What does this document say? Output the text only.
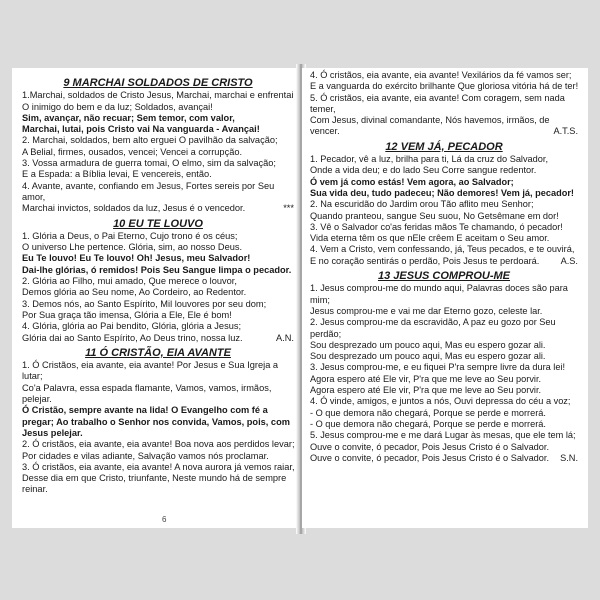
9 MARCHAI SOLDADOS DE CRISTO
1.Marchai, soldados de Cristo Jesus, Marchai, marchai e enfrentai
O inimigo do bem e da luz; Soldados, avançai!
Sim, avançar, não recuar; Sem temor, com valor,
Marchai, lutai, pois Cristo vai Na vanguarda - Avançai!
2. Marchai, soldados, bem alto erguei O pavilhão da salvação;
A Belial, firmes, ousados, vencei; Vencei a corrupção.
3. Vossa armadura de guerra tomai, O elmo, sim da salvação;
E a Espada: a Bíblia levai, E vencereis, então.
4. Avante, avante, confiando em Jesus, Fortes sereis por Seu
amor,
Marchai invictos, soldados da luz, Jesus é o vencedor.	***
10 EU TE LOUVO
1. Glória a Deus, o Pai Eterno, Cujo trono é os céus;
O universo Lhe pertence. Glória, sim, ao nosso Deus.
Eu Te louvo! Eu Te louvo! Oh! Jesus, meu Salvador!
Dai-lhe glórias, ó remidos! Pois Seu Sangue limpa o pecador.
2. Glória ao Filho, mui amado, Que merece o louvor,
Demos glória ao Seu nome, Ao Cordeiro, ao Redentor.
3. Demos nós, ao Santo Espírito, Mil louvores por seu dom;
Por Sua graça tão imensa, Glória a Ele, Ele é bom!
4. Glória, glória ao Pai bendito, Glória, glória a Jesus;
Glória dai ao Santo Espírito, Ao Deus trino, nossa luz.	A.N.
11 Ó CRISTÃO, EIA AVANTE
1. Ó Cristãos, eia avante, eia avante! Por Jesus e Sua Igreja a
lutar;
Co'a Palavra, essa espada flamante, Vamos, vamos, irmãos,
pelejar.
Ó Cristão, sempre avante na lida! O Evangelho com fé a
pregar; Ao trabalho o Senhor nos convida, Vamos, pois, com
Jesus pelejar.
2. Ó cristãos, eia avante, eia avante! Boa nova aos perdidos levar;
Por cidades e vilas adiante, Salvação vamos nós proclamar.
3. Ó cristãos, eia avante, eia avante! A nova aurora já vemos raiar,
Desse dia em que Cristo, triunfante, Neste mundo há de sempre
reinar.
6
4. Ó cristãos, eia avante, eia avante! Vexilários da fé vamos ser;
E a vanguarda do exército brilhante Que gloriosa vitória há de ter!
5. Ó cristãos, eia avante, eia avante! Com coragem, sem nada
temer,
Com Jesus, divinal comandante, Nós havemos, irmãos, de
vencer.	A.T.S.
12 VEM JÁ, PECADOR
1. Pecador, vê a luz, brilha para ti, Lá da cruz do Salvador,
Onde a vida deu; e do lado Seu Corre sangue redentor.
Ó vem já como estás! Vem agora, ao Salvador;
Sua vida deu, tudo padeceu; Não demores! Vem já, pecador!
2. Na escuridão do Jardim orou Tão aflito meu Senhor;
Quando pranteou, sangue Seu suou, No Getsêmane em dor!
3. Vê o Salvador co'as feridas mãos Te chamando, ó pecador!
Vida eterna têm os que nEle crêem E aceitam o Seu amor.
4. Vem a Cristo, vem confessando, já, Teus pecados, e te ouvirá,
E no coração sentirás o perdão, Pois Jesus te perdoará. A.S.
13 JESUS COMPROU-ME
1. Jesus comprou-me do mundo aqui, Palavras doces são para
mim;
Jesus comprou-me e vai me dar Eterno gozo, celeste lar.
2. Jesus comprou-me da escravidão, A paz eu gozo por Seu
perdão;
Sou desprezado um pouco aqui, Mas eu espero gozar ali.
Sou desprezado um pouco aqui, Mas eu espero gozar ali.
3. Jesus comprou-me, e eu fiquei P'ra sempre livre da dura lei!
Agora espero até Ele vir, P'ra que me leve ao Seu porvir.
Agora espero até Ele vir, P'ra que me leve ao Seu porvir.
4. Ó vinde, amigos, e juntos a nós, Ouvi depressa do céu a voz;
- O que demora não chegará, Porque se perde e morrerá.
- O que demora não chegará, Porque se perde e morrerá.
5. Jesus comprou-me e me dará Lugar às mesas, que ele tem lá;
Ouve o convite, ó pecador, Pois Jesus Cristo é o Salvador.
Ouve o convite, ó pecador, Pois Jesus Cristo é o Salvador. S.N.
